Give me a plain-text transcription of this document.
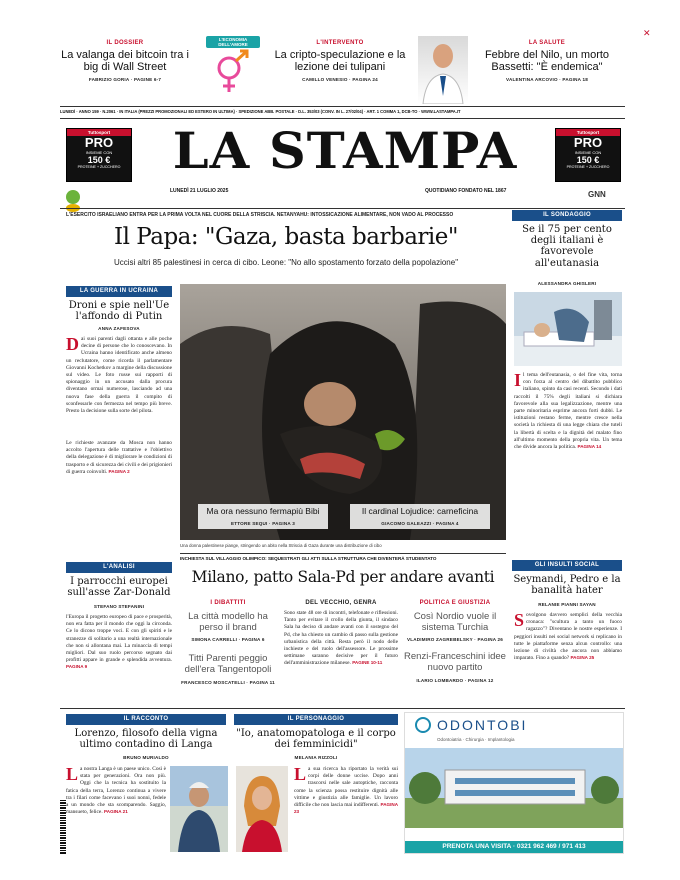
IL DOSSIER
La valanga dei bitcoin tra i big di Wall Street
FABRIZIO GORIA · PAGINE 6-7
L'ECONOMIA
DELL'AMORE	L'INTERVENTO
La cripto-speculazione e la lezione dei tulipani
CAMILLO VENESIO · PAGINA 24
LA SALUTE
Febbre del Nilo, un morto Bassetti: "È endemica"
VALENTINA ARCOVIO · PAGINA 18
✕
LUNEDÌ · ANNO 159 · N.2061 · IN ITALIA (PREZZI PROMOZIONALI ED ESTERO IN ULTIMA) · SPEDIZIONE ABB. POSTALE · D.L. 353/03 (CONV. IN L. 27/02/04) · ART. 1 COMMA 1, DCB-TO · WWW.LASTAMPA.IT
Tuttosport
PRO
INSIEME CON
150 €
PROTEINE + ZUCCHERO	LA STAMPA	Tuttosport
PRO
INSIEME CON
150 €
PROTEINE + ZUCCHERO
LUNEDÌ 21 LUGLIO 2025	QUOTIDIANO FONDATO NEL 1867	GNN
L'ESERCITO ISRAELIANO ENTRA PER LA PRIMA VOLTA NEL CUORE DELLA STRISCIA. NETANYAHU: INTOSSICAZIONE ALIMENTARE, NON VADO AL PROCESSO
Il Papa: "Gaza, basta barbarie"
Uccisi altri 85 palestinesi in cerca di cibo. Leone: "No allo spostamento forzato della popolazione"
LA GUERRA IN UCRAINA
Droni e spie nell'Ue l'affondo di Putin
ANNA ZAFESOVA
Dai suoi parenti dagli ottanta e alle poche decine di persone che lo conoscevano. In Ucraina hanno identificato anche almeno un reclutatore, come ricorda il parlamentare Giovanni Kochetkov a margine della discussione sul video. Le foto russe sui rapporti di spionaggio in un accusato dalla procura diventano ormai numerose, lasciando ad una nuova fase della guerra il compito di sconfessarle con fermezza nel tempo più breve. Presto la decisione sulla sorte del pilota.
Le richieste avanzate da Mosca non hanno accolto l'apertura delle trattative e l'obiettivo della delegazione è di migliorare le condizioni di trasporto e di sicurezza dei civili e dei prigionieri di guerra coinvolti. PAGINA 2
L'ANALISI
I parrocchi europei sull'asse Zar-Donald
STEFANO STEFANINI
l'Europa il progetto europeo di pace e prosperità, non era fatta per il mondo che oggi la circonda. Ce lo dicono troppe voci. E con gli spiriti e le stranezze di solitario a una realtà internazionale che non si allontana mai. La minaccia di tempi migliori. Dal suo ruolo percorso segnato dai profitti appare in grande e splendida avventura. PAGINA 9
Ma ora nessuno fermapiù Bibi
ETTORE SEQUI · PAGINA 3
Il cardinal Lojudice: carneficina
GIACOMO GALEAZZI · PAGINA 4
Una donna palestinese piange, stringendo un abito nella Striscia di Gaza durante una distribuzione di cibo
IL SONDAGGIO
Se il 75 per cento degli italiani è favorevole all'eutanasia
ALESSANDRA GHISLERI
Il tema dell'eutanasia, o del fine vita, torna con forza al centro del dibattito pubblico italiano, spinto da casi recenti. Secondo i dati raccolti il 75% degli italiani si dichiara favorevole alla sua legalizzazione, mentre una parte minoritaria esprime ancora forti dubbi. Le istituzioni restano ferme, mentre cresce nella società la richiesta di una legge chiara che tuteli la libertà di scelta e la dignità del malato fino all'ultimo momento della propria vita. Un tema che divide ancora la politica. PAGINA 14
GLI INSULTI SOCIAL
Seymandi, Pedro e la banalità hater
RELANIE PIANNI SAYAN
Sovolgono davvero semplici della vecchia cronaca: "scultura a tanto un fuoco ragazzo"? Diventano le nostre esperienze. I peggiori insulti nei social network si replicano in tutte le piattaforme senza alcun controllo: una lezione di civiltà che ancora non abbiamo imparato. Fino a quando? PAGINA 25
INCHIESTA SUL VILLAGGIO OLIMPICO: SEQUESTRATI GLI ATTI SULLA STRUTTURA CHE DIVENTERÀ STUDENTATO
Milano, patto Sala-Pd per andare avanti
I DIBATTITI
La città modello ha perso il brand
SIMONA CARRELLI · PAGINA 6
Titti Parenti peggio dell'era Tangentopoli
FRANCESCO MOSCATELLI · PAGINA 11
DEL VECCHIO, GENRA
Sono state 48 ore di incontri, telefonate e riflessioni. Tanto per evitare il crollo della giunta, il sindaco Sala ha deciso di andare avanti con il sostegno del Pd, che ha chiesto un cambio di passo sulla gestione urbanistica della città. Resta però il nodo delle inchieste e del ruolo dell'assessore. Le prossime settimane saranno decisive per il futuro dell'amministrazione milanese. PAGINE 10-11
POLITICA E GIUSTIZIA
Così Nordio vuole il sistema Turchia
VLADIMIRO ZAGREBELSKY · PAGINA 26
Renzi-Franceschini idee nuovo partito
ILARIO LOMBARDO · PAGINA 12
IL RACCONTO
Lorenzo, filosofo della vigna ultimo contadino di Langa
BRUNO MURIALDO
La nostra Langa è un paese unico. Così è stata per generazioni. Ora non più. Oggi che la tecnica ha sostituito la fatica della terra, Lorenzo continua a vivere tra i filari come facevano i suoi nonni, fedele a un mondo che sta scomparendo. Saggio, mansueto, felice. PAGINA 21
IL PERSONAGGIO
"Io, anatomopatologa e il corpo dei femminicidi"
MELANIA RIZZOLI
La sua ricerca ha riportato la verità sui corpi delle donne uccise. Dopo anni trascorsi nelle sale autoptiche, racconta come la scienza possa restituire dignità alle vittime e giustizia alle famiglie. Un lavoro difficile che non lascia mai indifferenti. PAGINA 23
ODONTOBI
Odontoiatria · Chirurgia · Implantologia
PRENOTA UNA VISITA · 0321 962 469 / 971 413
